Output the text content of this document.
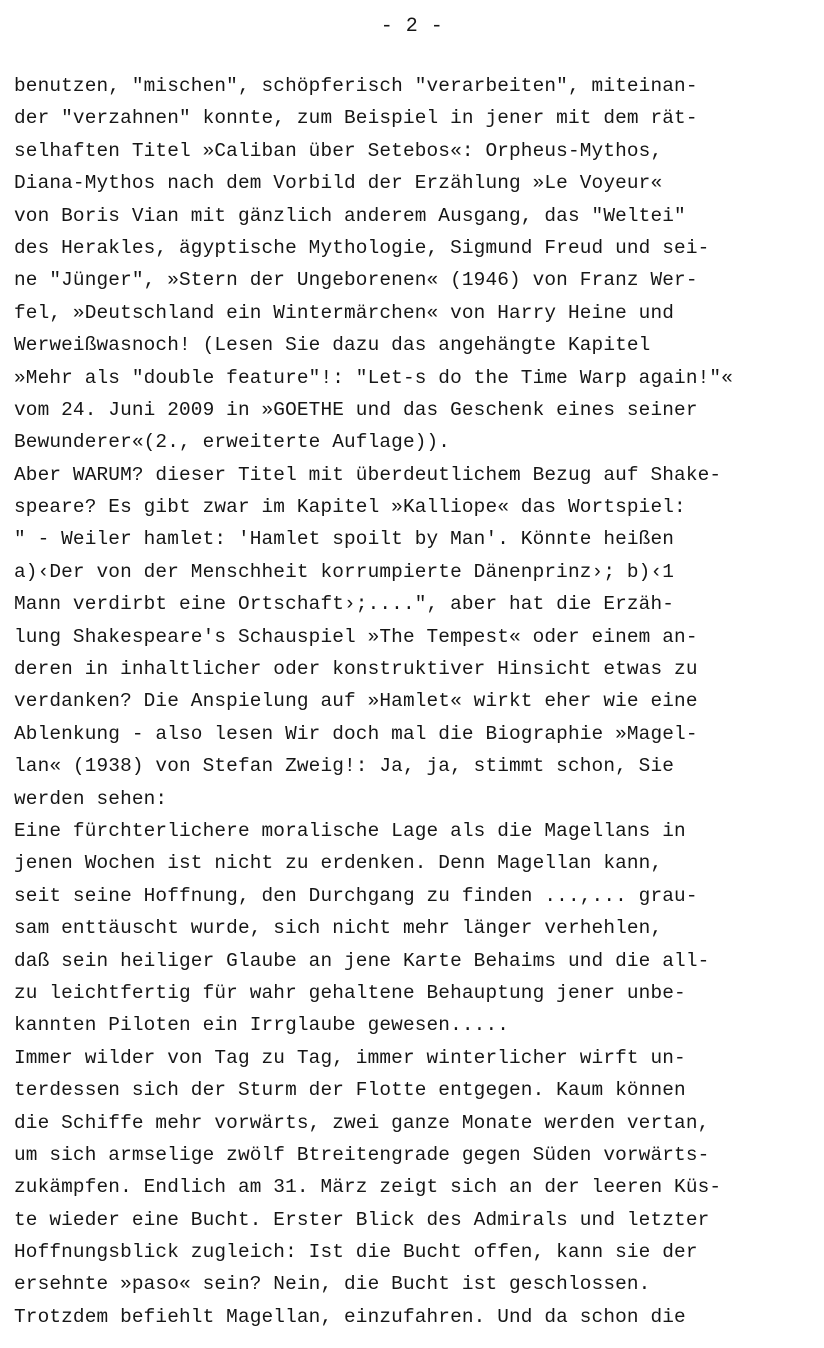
- 2 -
benutzen, "mischen", schöpferisch "verarbeiten", miteinan-
der "verzahnen" konnte, zum Beispiel in jener mit dem rät-
selhaften Titel »Caliban über Setebos«: Orpheus-Mythos,
Diana-Mythos nach dem Vorbild der Erzählung »Le Voyeur«
von Boris Vian mit gänzlich anderem Ausgang, das "Weltei"
des Herakles, ägyptische Mythologie, Sigmund Freud und sei-
ne "Jünger", »Stern der Ungeborenen« (1946) von Franz Wer-
fel, »Deutschland ein Wintermärchen« von Harry Heine und
Werweißwasnoch! (Lesen Sie dazu das angehängte Kapitel
»Mehr als "double feature"!: "Let-s do the Time Warp again!"«
vom 24. Juni 2009 in »GOETHE und das Geschenk eines seiner
Bewunderer«(2., erweiterte Auflage)).
Aber WARUM? dieser Titel mit überdeutlichem Bezug auf Shake-
speare? Es gibt zwar im Kapitel »Kalliope« das Wortspiel:
" - Weiler hamlet: 'Hamlet spoilt by Man'. Könnte heißen
a)‹Der von der Menschheit korrumpierte Dänenprinz›; b)‹1
Mann verdirbt eine Ortschaft›;....", aber hat die Erzäh-
lung Shakespeare's Schauspiel »The Tempest« oder einem an-
deren in inhaltlicher oder konstruktiver Hinsicht etwas zu
verdanken? Die Anspielung auf »Hamlet« wirkt eher wie eine
Ablenkung - also lesen Wir doch mal die Biographie »Magel-
lan« (1938) von Stefan Zweig!: Ja, ja, stimmt schon, Sie
werden sehen:
Eine fürchterlichere moralische Lage als die Magellans in
jenen Wochen ist nicht zu erdenken. Denn Magellan kann,
seit seine Hoffnung, den Durchgang zu finden ...,... grau-
sam enttäuscht wurde, sich nicht mehr länger verhehlen,
daß sein heiliger Glaube an jene Karte Behaims und die all-
zu leichtfertig für wahr gehaltene Behauptung jener unbe-
kannten Piloten ein Irrglaube gewesen.....
Immer wilder von Tag zu Tag, immer winterlicher wirft un-
terdessen sich der Sturm der Flotte entgegen. Kaum können
die Schiffe mehr vorwärts, zwei ganze Monate werden vertan,
um sich armselige zwölf Btreitengrade gegen Süden vorwärts-
zukämpfen. Endlich am 31. März zeigt sich an der leeren Küs-
te wieder eine Bucht. Erster Blick des Admirals und letzter
Hoffnungsblick zugleich: Ist die Bucht offen, kann sie der
ersehnte »paso« sein? Nein, die Bucht ist geschlossen.
Trotzdem befiehlt Magellan, einzufahren. Und da schon die
